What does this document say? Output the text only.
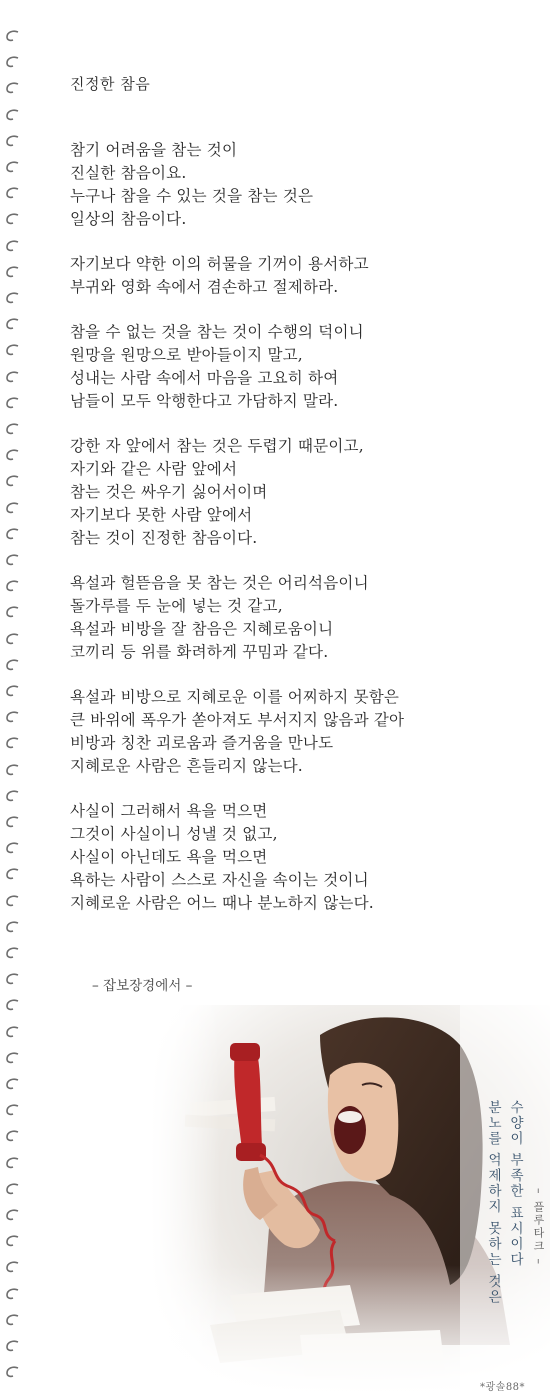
진정한 참음
참기 어려움을 참는 것이
진실한 참음이요.
누구나 참을 수 있는 것을 참는 것은
일상의 참음이다.
자기보다 약한 이의 허물을 기꺼이 용서하고
부귀와 영화 속에서 겸손하고 절제하라.
참을 수 없는 것을 참는 것이 수행의 덕이니
원망을 원망으로 받아들이지 말고,
성내는 사람 속에서 마음을 고요히 하여
남들이 모두 악행한다고 가담하지 말라.
강한 자 앞에서 참는 것은 두렵기 때문이고,
자기와 같은 사람 앞에서
참는 것은 싸우기 싫어서이며
자기보다 못한 사람 앞에서
참는 것이 진정한 참음이다.
욕설과 헐뜯음을 못 참는 것은 어리석음이니
돌가루를 두 눈에 넣는 것 같고,
욕설과 비방을 잘 참음은 지혜로움이니
코끼리 등 위를 화려하게 꾸밈과 같다.
욕설과 비방으로 지혜로운 이를 어찌하지 못함은
큰 바위에 폭우가 쏟아져도 부서지지 않음과 같아
비방과 칭찬 괴로움과 즐거움을 만나도
지혜로운 사람은 흔들리지 않는다.
사실이 그러해서 욕을 먹으면
그것이 사실이니 성낼 것 없고,
사실이 아닌데도 욕을 먹으면
욕하는 사람이 스스로 자신을 속이는 것이니
지혜로운 사람은 어느 때나 분노하지 않는다.
– 잡보장경에서 –
수양이 부족한 표시이다
분노를 억제하지 못하는 것은	– 플루타크 –
*광솔88*
